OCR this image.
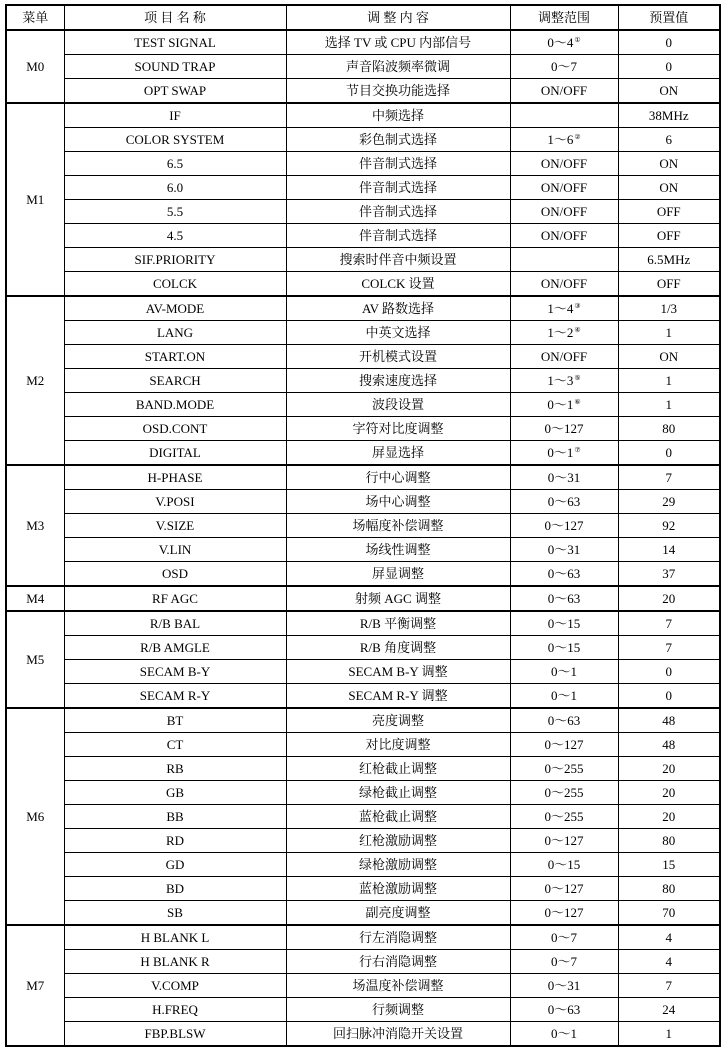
菜单	项 目 名 称	调 整 内 容	调整范围	预置值
M0	TEST SIGNAL	选择 TV 或 CPU 内部信号	0～4①	0
	SOUND TRAP	声音陷波频率微调	0～7	0
	OPT SWAP	节目交换功能选择	ON/OFF	ON
M1	IF	中频选择		38MHz
	COLOR SYSTEM	彩色制式选择	1～6②	6
	6.5	伴音制式选择	ON/OFF	ON
	6.0	伴音制式选择	ON/OFF	ON
	5.5	伴音制式选择	ON/OFF	OFF
	4.5	伴音制式选择	ON/OFF	OFF
	SIF.PRIORITY	搜索时伴音中频设置		6.5MHz
	COLCK	COLCK 设置	ON/OFF	OFF
M2	AV-MODE	AV 路数选择	1～4③	1/3
	LANG	中英文选择	1～2④	1
	START.ON	开机模式设置	ON/OFF	ON
	SEARCH	搜索速度选择	1～3⑤	1
	BAND.MODE	波段设置	0～1⑥	1
	OSD.CONT	字符对比度调整	0～127	80
	DIGITAL	屏显选择	0～1⑦	0
M3	H-PHASE	行中心调整	0～31	7
	V.POSI	场中心调整	0～63	29
	V.SIZE	场幅度补偿调整	0～127	92
	V.LIN	场线性调整	0～31	14
	OSD	屏显调整	0～63	37
M4	RF AGC	射频 AGC 调整	0～63	20
M5	R/B BAL	R/B 平衡调整	0～15	7
	R/B AMGLE	R/B 角度调整	0～15	7
	SECAM B-Y	SECAM B-Y 调整	0～1	0
	SECAM R-Y	SECAM R-Y 调整	0～1	0
M6	BT	亮度调整	0～63	48
	CT	对比度调整	0～127	48
	RB	红枪截止调整	0～255	20
	GB	绿枪截止调整	0～255	20
	BB	蓝枪截止调整	0～255	20
	RD	红枪激励调整	0～127	80
	GD	绿枪激励调整	0～15	15
	BD	蓝枪激励调整	0～127	80
	SB	副亮度调整	0～127	70
M7	H BLANK L	行左消隐调整	0～7	4
	H BLANK R	行右消隐调整	0～7	4
	V.COMP	场温度补偿调整	0～31	7
	H.FREQ	行频调整	0～63	24
	FBP.BLSW	回扫脉冲消隐开关设置	0～1	1
